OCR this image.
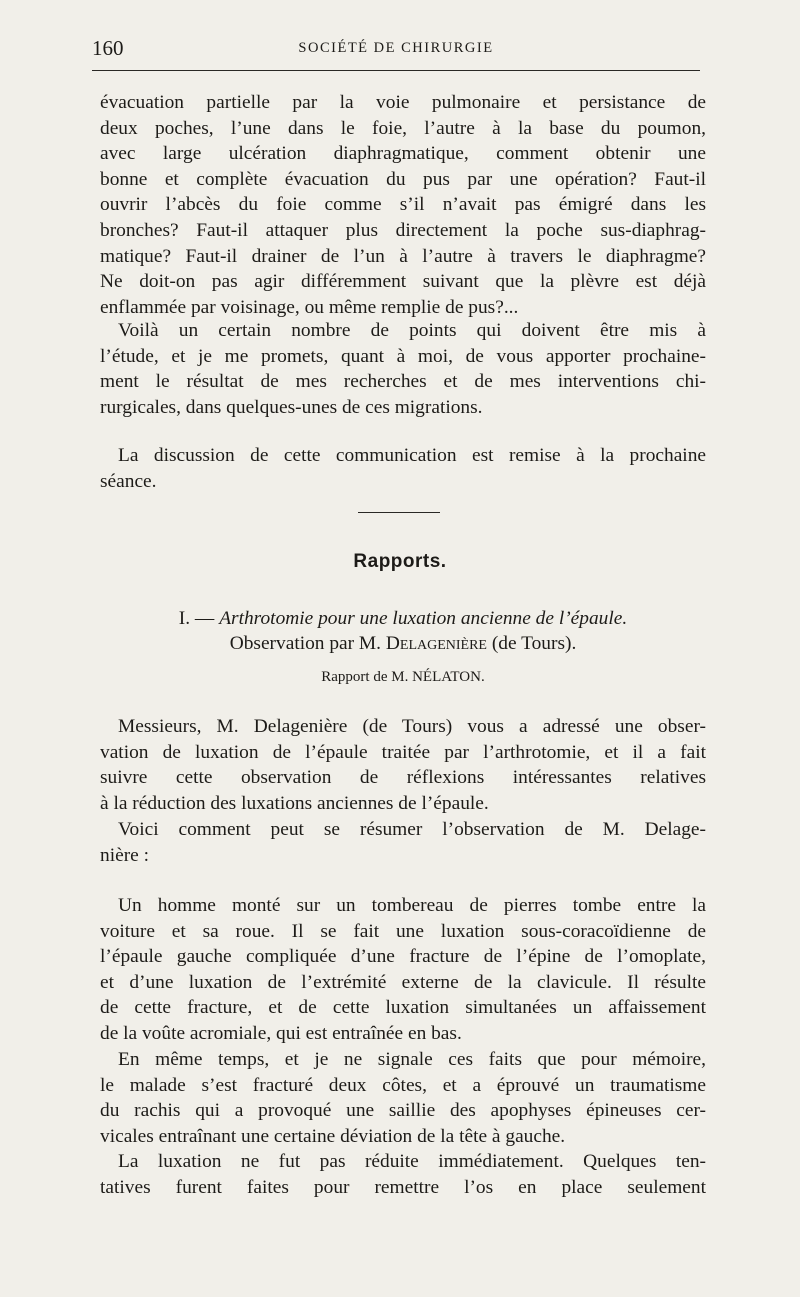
160	SOCIÉTÉ DE CHIRURGIE

évacuation partielle par la voie pulmonaire et persistance de

deux poches, l’une dans le foie, l’autre à la base du poumon,

avec large ulcération diaphragmatique, comment obtenir une

bonne et complète évacuation du pus par une opération? Faut-il

ouvrir l’abcès du foie comme s’il n’avait pas émigré dans les

bronches? Faut-il attaquer plus directement la poche sus-diaphrag-

matique? Faut-il drainer de l’un à l’autre à travers le diaphragme?

Ne doit-on pas agir différemment suivant que la plèvre est déjà

enflammée par voisinage, ou même remplie de pus?...

Voilà un certain nombre de points qui doivent être mis à

l’étude, et je me promets, quant à moi, de vous apporter prochaine-

ment le résultat de mes recherches et de mes interventions chi-

rurgicales, dans quelques-unes de ces migrations.

La discussion de cette communication est remise à la prochaine

séance.

Rapports.
I. — Arthrotomie pour une luxation ancienne de l’épaule.
Observation par M. Delagenière (de Tours).
Rapport de M. NÉLATON.

Messieurs, M. Delagenière (de Tours) vous a adressé une obser-

vation de luxation de l’épaule traitée par l’arthrotomie, et il a fait

suivre cette observation de réflexions intéressantes relatives

à la réduction des luxations anciennes de l’épaule.

Voici comment peut se résumer l’observation de M. Delage-

nière :

Un homme monté sur un tombereau de pierres tombe entre la

voiture et sa roue. Il se fait une luxation sous-coracoïdienne de

l’épaule gauche compliquée d’une fracture de l’épine de l’omoplate,

et d’une luxation de l’extrémité externe de la clavicule. Il résulte

de cette fracture, et de cette luxation simultanées un affaissement

de la voûte acromiale, qui est entraînée en bas.

En même temps, et je ne signale ces faits que pour mémoire,

le malade s’est fracturé deux côtes, et a éprouvé un traumatisme

du rachis qui a provoqué une saillie des apophyses épineuses cer-

vicales entraînant une certaine déviation de la tête à gauche.

La luxation ne fut pas réduite immédiatement. Quelques ten-

tatives furent faites pour remettre l’os en place seulement
